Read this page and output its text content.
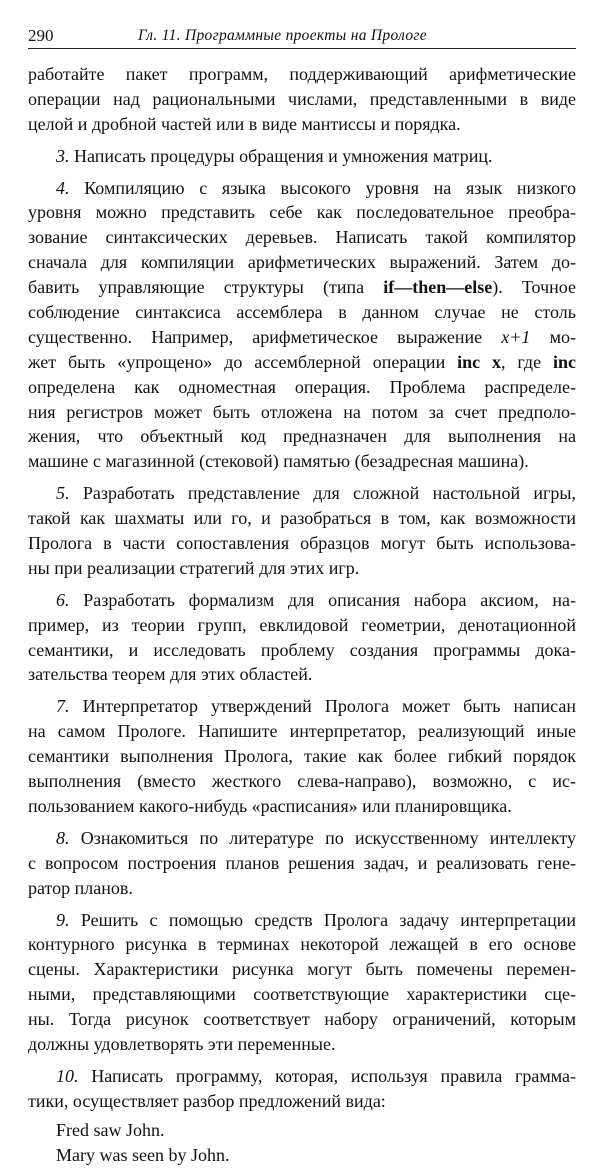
290	Гл. 11. Программные проекты на Прологе
работайте пакет программ, поддерживающий арифметические
операции над рациональными числами, представленными в виде
целой и дробной частей или в виде мантиссы и порядка.
3. Написать процедуры обращения и умножения матриц.
4. Компиляцию с языка высокого уровня на язык низкого
уровня можно представить себе как последовательное преобра-
зование синтаксических деревьев. Написать такой компилятор
сначала для компиляции арифметических выражений. Затем до-
бавить управляющие структуры (типа if—then—else). Точное
соблюдение синтаксиса ассемблера в данном случае не столь
существенно. Например, арифметическое выражение x+1 мо-
жет быть «упрощено» до ассемблерной операции inc x, где inc
определена как одноместная операция. Проблема распределе-
ния регистров может быть отложена на потом за счет предполо-
жения, что объектный код предназначен для выполнения на
машине с магазинной (стековой) памятью (безадресная машина).
5. Разработать представление для сложной настольной игры,
такой как шахматы или го, и разобраться в том, как возможности
Пролога в части сопоставления образцов могут быть использова-
ны при реализации стратегий для этих игр.
6. Разработать формализм для описания набора аксиом, на-
пример, из теории групп, евклидовой геометрии, денотационной
семантики, и исследовать проблему создания программы дока-
зательства теорем для этих областей.
7. Интерпретатор утверждений Пролога может быть написан
на самом Прологе. Напишите интерпретатор, реализующий иные
семантики выполнения Пролога, такие как более гибкий порядок
выполнения (вместо жесткого слева-направо), возможно, с ис-
пользованием какого-нибудь «расписания» или планировщика.
8. Ознакомиться по литературе по искусственному интеллекту
с вопросом построения планов решения задач, и реализовать гене-
ратор планов.
9. Решить с помощью средств Пролога задачу интерпретации
контурного рисунка в терминах некоторой лежащей в его основе
сцены. Характеристики рисунка могут быть помечены перемен-
ными, представляющими соответствующие характеристики сце-
ны. Тогда рисунок соответствует набору ограничений, которым
должны удовлетворять эти переменные.
10. Написать программу, которая, используя правила грамма-
тики, осуществляет разбор предложений вида:
Fred saw John.
Mary was seen by John.
